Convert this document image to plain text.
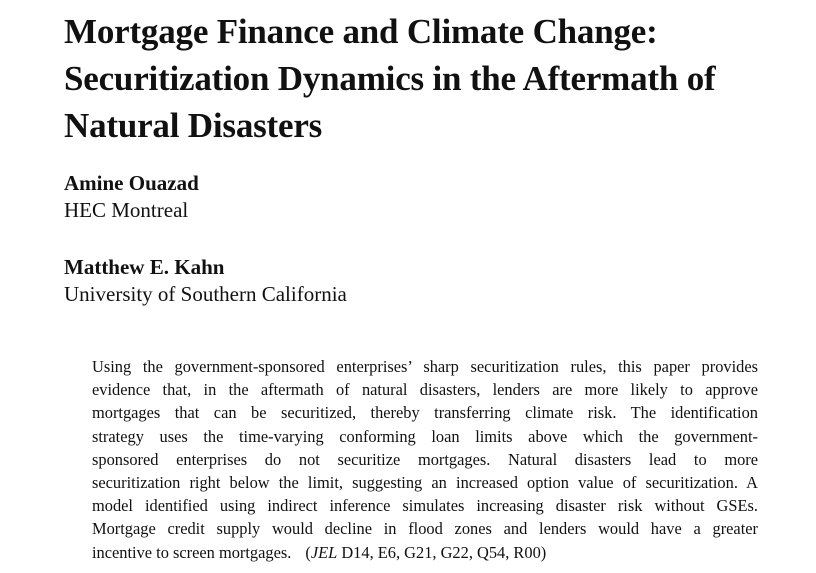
Mortgage Finance and Climate Change:
Securitization Dynamics in the Aftermath of
Natural Disasters
Amine Ouazad
HEC Montreal
Matthew E. Kahn
University of Southern California
Using the government-sponsored enterprises’ sharp securitization rules, this paper provides
evidence that, in the aftermath of natural disasters, lenders are more likely to approve
mortgages that can be securitized, thereby transferring climate risk. The identification
strategy uses the time-varying conforming loan limits above which the government-
sponsored enterprises do not securitize mortgages. Natural disasters lead to more
securitization right below the limit, suggesting an increased option value of securitization. A
model identified using indirect inference simulates increasing disaster risk without GSEs.
Mortgage credit supply would decline in flood zones and lenders would have a greater
incentive to screen mortgages. (JEL D14, E6, G21, G22, Q54, R00)
